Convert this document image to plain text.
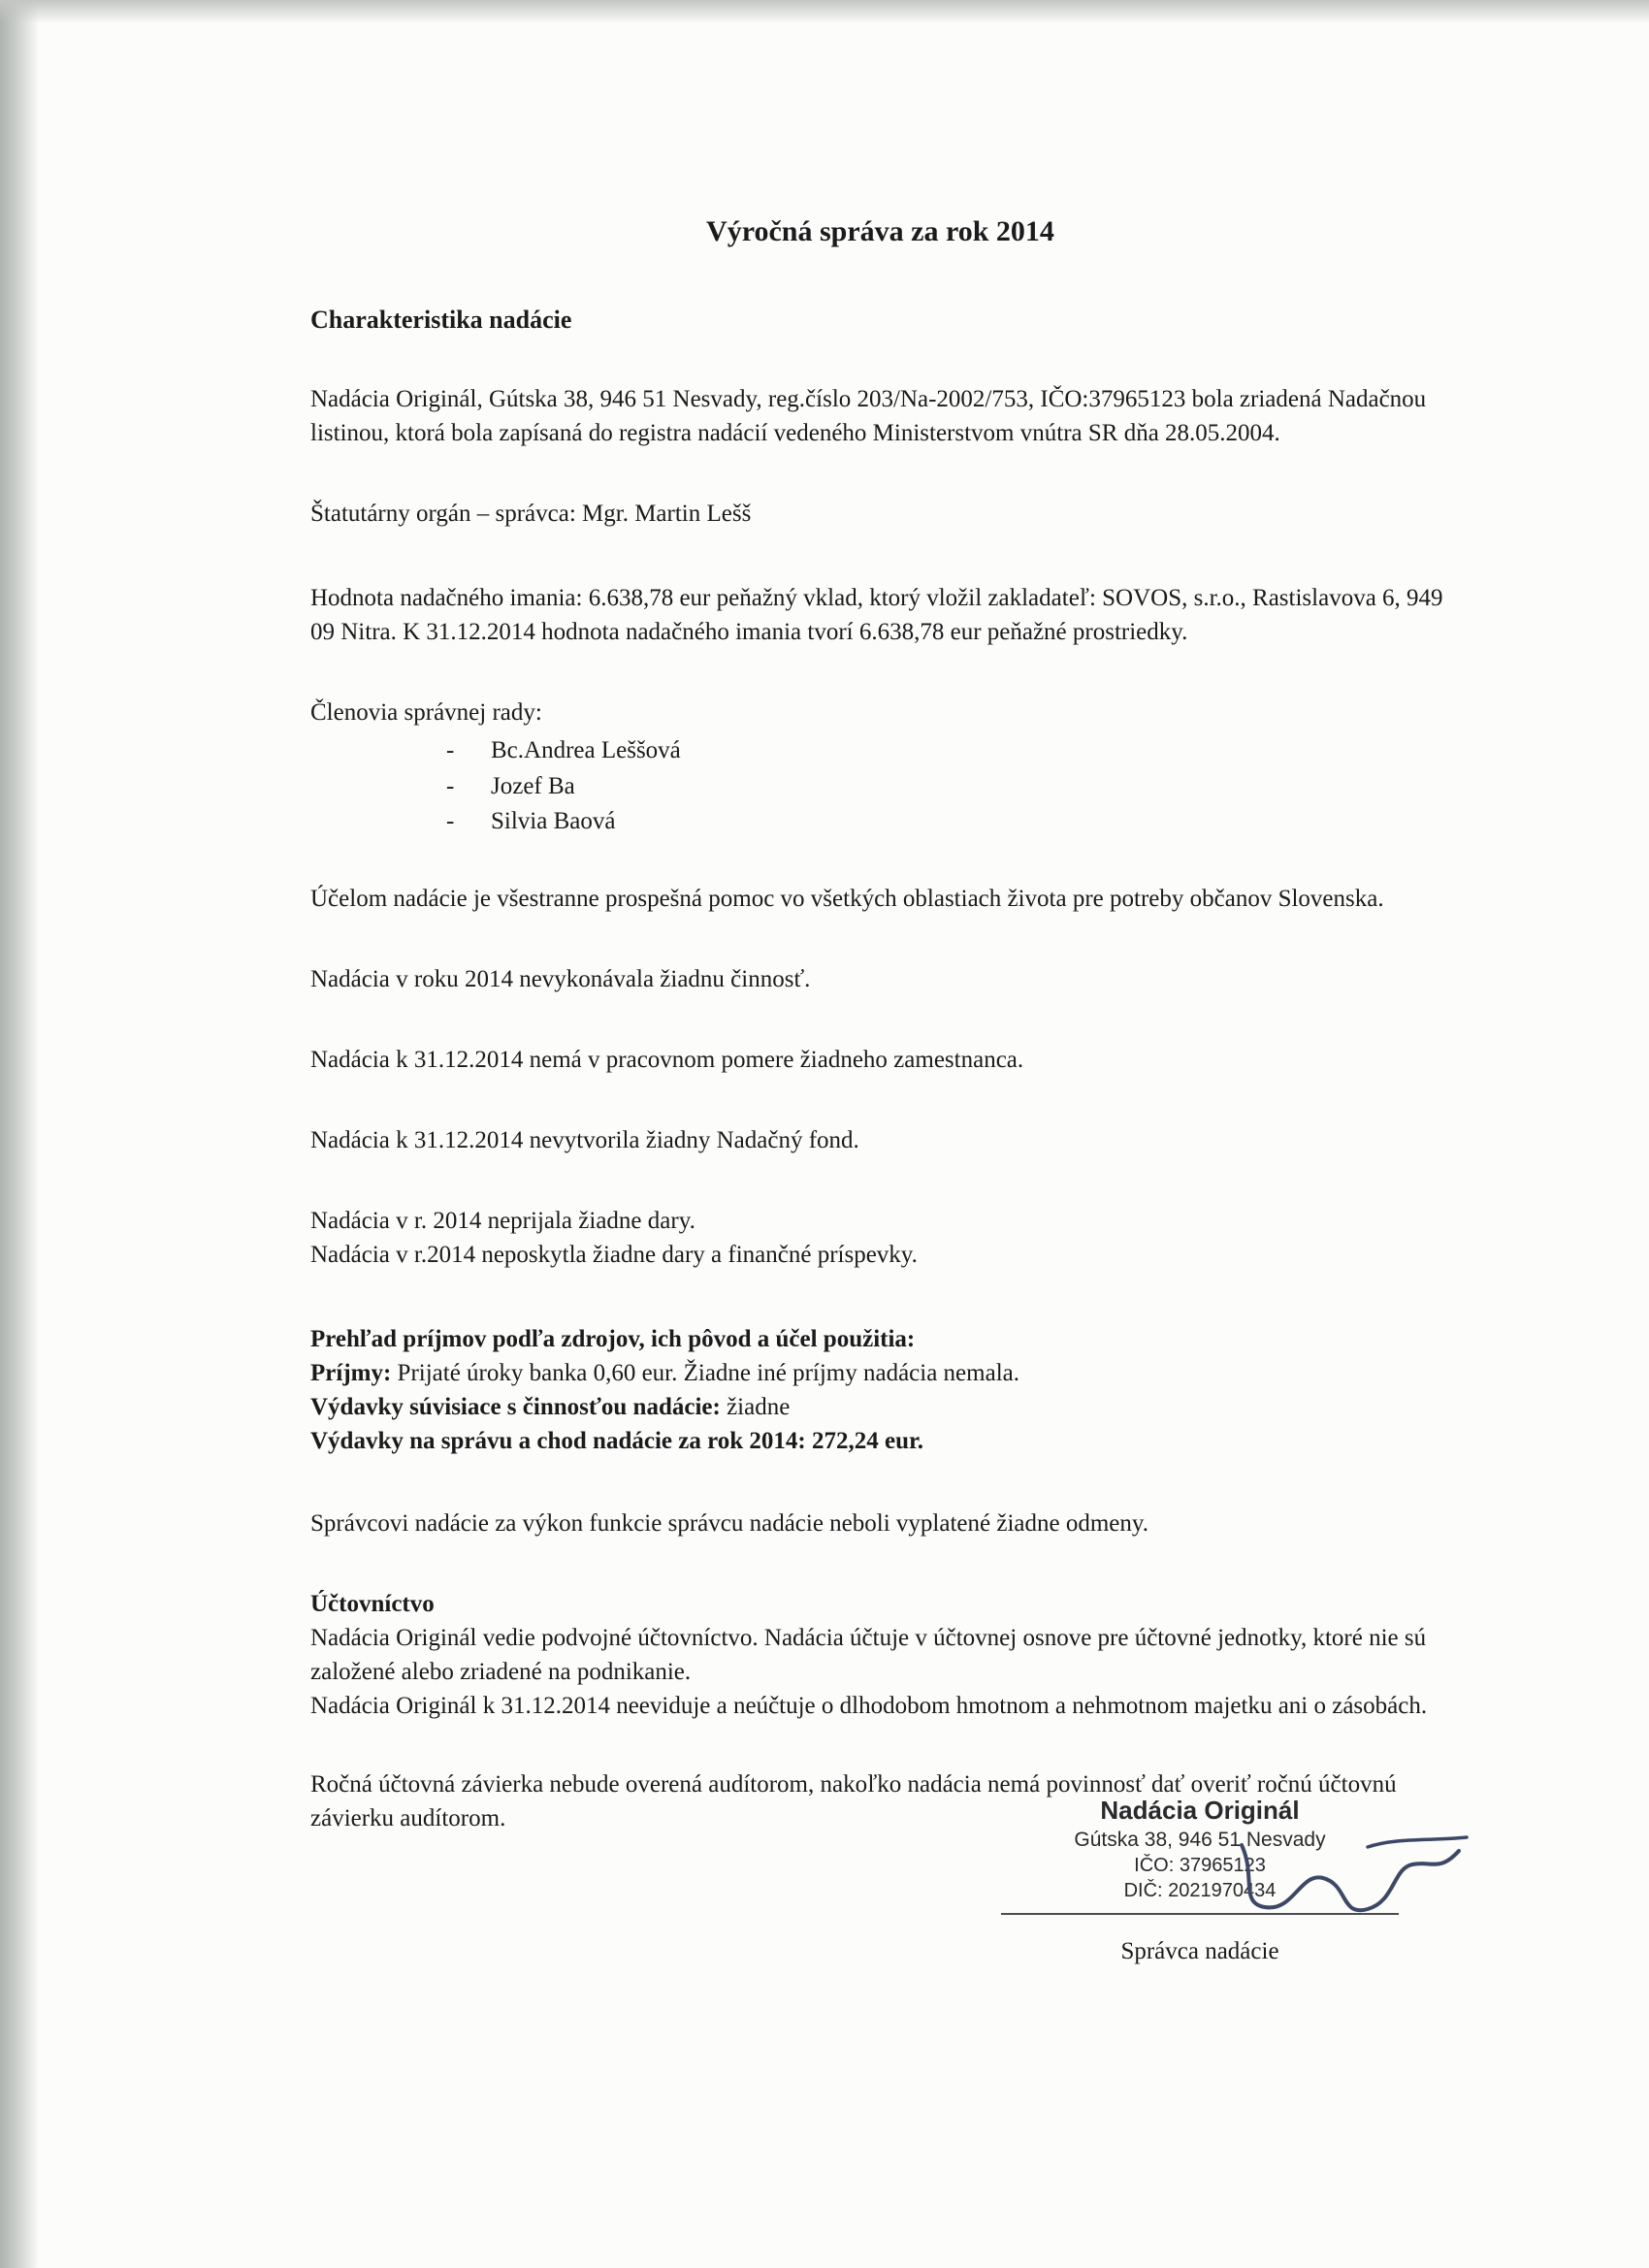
Výročná správa za rok 2014
Charakteristika nadácie

Nadácia Originál, Gútska 38, 946 51 Nesvady, reg.číslo 203/Na-2002/753, IČO:37965123 bola zriadená Nadačnou listinou, ktorá bola zapísaná do registra nadácií vedeného Ministerstvom vnútra SR dňa 28.05.2004.

Štatutárny orgán – správca: Mgr. Martin Lešš

Hodnota nadačného imania: 6.638,78 eur peňažný vklad, ktorý vložil zakladateľ: SOVOS, s.r.o., Rastislavova 6, 949 09 Nitra. K 31.12.2014 hodnota nadačného imania tvorí 6.638,78 eur peňažné prostriedky.

Členovia správnej rady:

- Bc.Andrea Leššová
- Jozef Ba
- Silvia Baová

Účelom nadácie je všestranne prospešná pomoc vo všetkých oblastiach života pre potreby občanov Slovenska.

Nadácia v roku 2014 nevykonávala žiadnu činnosť.

Nadácia k 31.12.2014 nemá v pracovnom pomere žiadneho zamestnanca.

Nadácia k 31.12.2014 nevytvorila žiadny Nadačný fond.

Nadácia v r. 2014 neprijala žiadne dary.

Nadácia v r.2014 neposkytla žiadne dary a finančné príspevky.

Prehľad príjmov podľa zdrojov, ich pôvod a účel použitia:

Príjmy: Prijaté úroky banka 0,60 eur. Žiadne iné príjmy nadácia nemala.

Výdavky súvisiace s činnosťou nadácie: žiadne

Výdavky na správu a chod nadácie za rok 2014: 272,24 eur.

Správcovi nadácie za výkon funkcie správcu nadácie neboli vyplatené žiadne odmeny.

Účtovníctvo

Nadácia Originál vedie podvojné účtovníctvo. Nadácia účtuje v účtovnej osnove pre účtovné jednotky, ktoré nie sú založené alebo zriadené na podnikanie.

Nadácia Originál k 31.12.2014 neeviduje a neúčtuje o dlhodobom hmotnom a nehmotnom majetku ani o zásobách.

Ročná účtovná závierka nebude overená audítorom, nakoľko nadácia nemá povinnosť dať overiť ročnú účtovnú závierku audítorom.	Nadácia Originál
Gútska 38, 946 51 Nesvady
IČO: 37965123
DIČ: 2021970434
Správca nadácie
